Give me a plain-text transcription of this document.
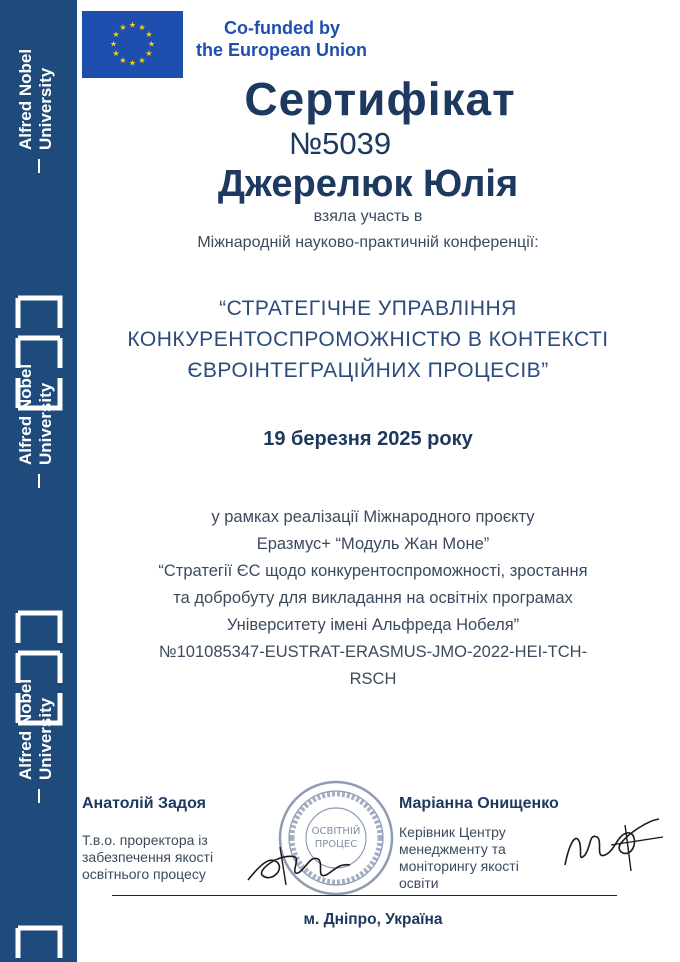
Alfred Nobel University
Alfred Nobel University
Alfred Nobel University
★ ★
★
★
★
★
★
★
★
★
★
★	Co-funded by
the European Union
Сертифікат
№5039
Джерелюк Юлія
взяла участь в
Міжнародній науково-практичній конференції:
“СТРАТЕГІЧНЕ УПРАВЛІННЯ
КОНКУРЕНТОСПРОМОЖНІСТЮ В КОНТЕКСТІ
ЄВРОІНТЕГРАЦІЙНИХ ПРОЦЕСІВ”
19 березня 2025 року
у рамках реалізації Міжнародного проєкту
Еразмус+ “Модуль Жан Моне”
“Стратегії ЄС щодо конкурентоспроможності, зростання
та добробуту для викладання на освітніх програмах
Університету імені Альфреда Нобеля”
№101085347-EUSTRAT-ERASMUS-JMO-2022-HEI-TCH-
RSCH
Анатолій Задоя
Т.в.о. проректора із
забезпечення якості
освітнього процесу
Маріанна Онищенко
Керівник Центру
менеджменту та
моніторингу якості
освіти
ОСВІТНІЙ
ПРОЦЕС
м. Дніпро, Україна
